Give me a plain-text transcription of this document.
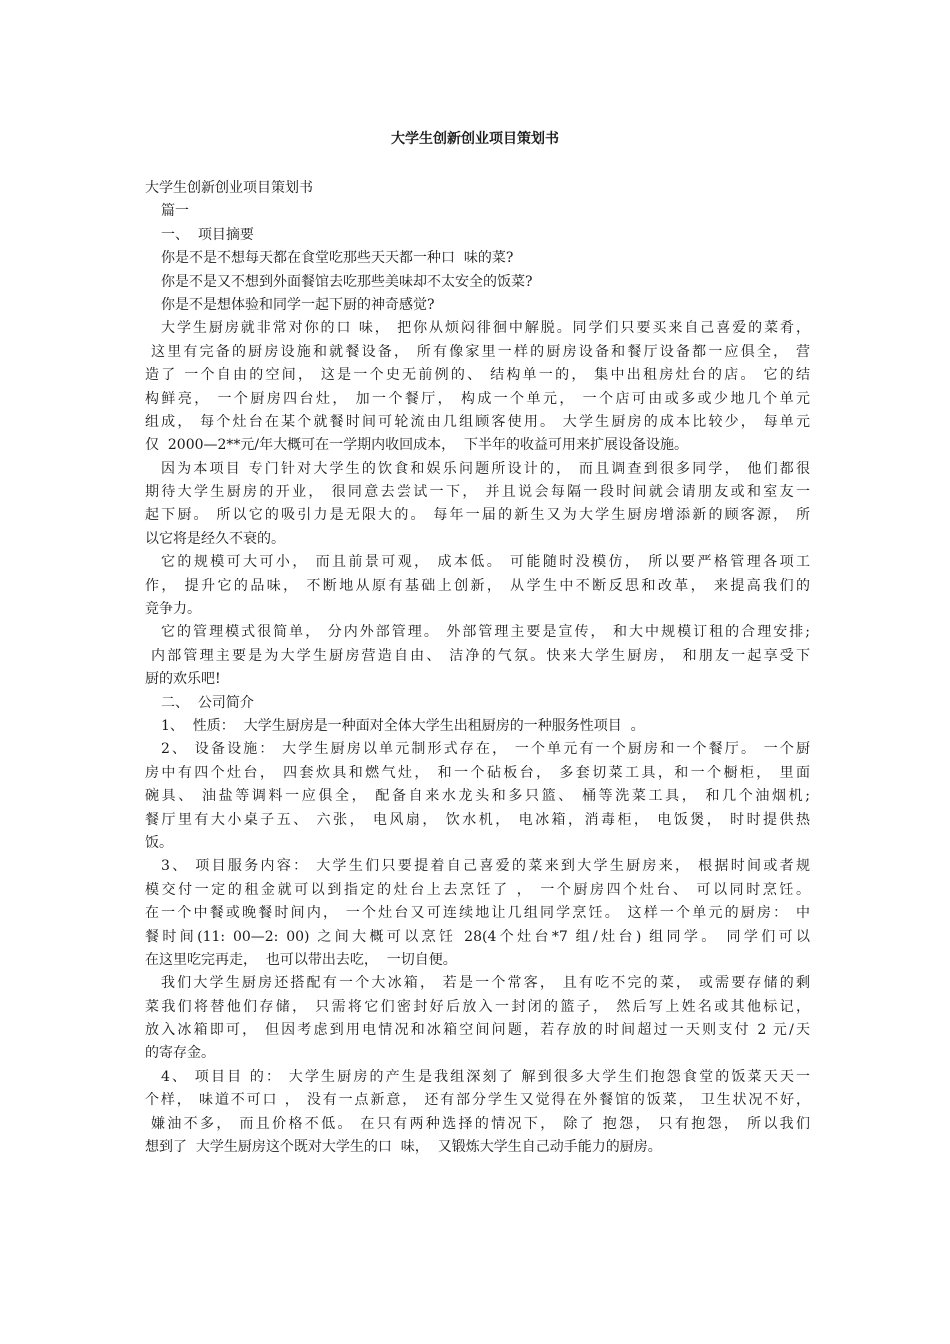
大学生创新创业项目策划书
大学生创新创业项目策划书
篇一
一、  项目摘要
你是不是不想每天都在食堂吃那些天天都一种口  味的菜?
你是不是又不想到外面餐馆去吃那些美味却不太安全的饭菜?
你是不是想体验和同学一起下厨的神奇感觉?
大学生厨房就非常对你的口 味， 把你从烦闷徘徊中解脱。同学们只要买来自己喜爱的菜肴，
这里有完备的厨房设施和就餐设备， 所有像家里一样的厨房设备和餐厅设备都一应俱全， 营
造了 一个自由的空间， 这是一个史无前例的、 结构单一的， 集中出租房灶台的店。 它的结
构鲜亮， 一个厨房四台灶， 加一个餐厅， 构成一个单元， 一个店可由或多或少地几个单元
组成， 每个灶台在某个就餐时间可轮流由几组顾客使用。 大学生厨房的成本比较少， 每单元
仅  2000—2**元/年大概可在一学期内收回成本，  下半年的收益可用来扩展设备设施。
因为本项目 专门针对大学生的饮食和娱乐问题所设计的， 而且调查到很多同学， 他们都很
期待大学生厨房的开业， 很同意去尝试一下， 并且说会每隔一段时间就会请朋友或和室友一
起下厨。 所以它的吸引力是无限大的。 每年一届的新生又为大学生厨房增添新的顾客源， 所
以它将是经久不衰的。
它的规模可大可小， 而且前景可观， 成本低。 可能随时没模仿， 所以要严格管理各项工
作， 提升它的品味， 不断地从原有基础上创新， 从学生中不断反思和改革， 来提高我们的
竞争力。
它的管理模式很简单， 分内外部管理。 外部管理主要是宣传， 和大中规模订租的合理安排;
内部管理主要是为大学生厨房营造自由、 洁净的气氛。快来大学生厨房， 和朋友一起享受下
厨的欢乐吧!
二、  公司简介
1、  性质：  大学生厨房是一种面对全体大学生出租厨房的一种服务性项目  。
2、 设备设施： 大学生厨房以单元制形式存在， 一个单元有一个厨房和一个餐厅。 一个厨
房中有四个灶台， 四套炊具和燃气灶， 和一个砧板台， 多套切菜工具，和一个橱柜， 里面
碗具、 油盐等调料一应俱全， 配备自来水龙头和多只篮、 桶等洗菜工具， 和几个油烟机;
餐厅里有大小桌子五、 六张， 电风扇， 饮水机， 电冰箱，消毒柜， 电饭煲， 时时提供热
饭。
3、 项目服务内容： 大学生们只要提着自己喜爱的菜来到大学生厨房来， 根据时间或者规
模交付一定的租金就可以到指定的灶台上去烹饪了 ， 一个厨房四个灶台、 可以同时烹饪。
在一个中餐或晚餐时间内， 一个灶台又可连续地让几组同学烹饪。 这样一个单元的厨房： 中
餐时间(11: 00—2: 00) 之间大概可以烹饪 28(4个灶台*7 组/灶台) 组同学。 同学们可以
在这里吃完再走，  也可以带出去吃，  一切自便。
我们大学生厨房还搭配有一个大冰箱， 若是一个常客， 且有吃不完的菜， 或需要存储的剩
菜我们将替他们存储， 只需将它们密封好后放入一封闭的篮子， 然后写上姓名或其他标记，
放入冰箱即可， 但因考虑到用电情况和冰箱空间问题，若存放的时间超过一天则支付 2 元/天
的寄存金。
4、 项目目 的： 大学生厨房的产生是我组深刻了 解到很多大学生们抱怨食堂的饭菜天天一
个样， 味道不可口 ， 没有一点新意， 还有部分学生又觉得在外餐馆的饭菜， 卫生状况不好，
嫌油不多， 而且价格不低。 在只有两种选择的情况下， 除了 抱怨， 只有抱怨， 所以我们
想到了  大学生厨房这个既对大学生的口  味，  又锻炼大学生自己动手能力的厨房。
